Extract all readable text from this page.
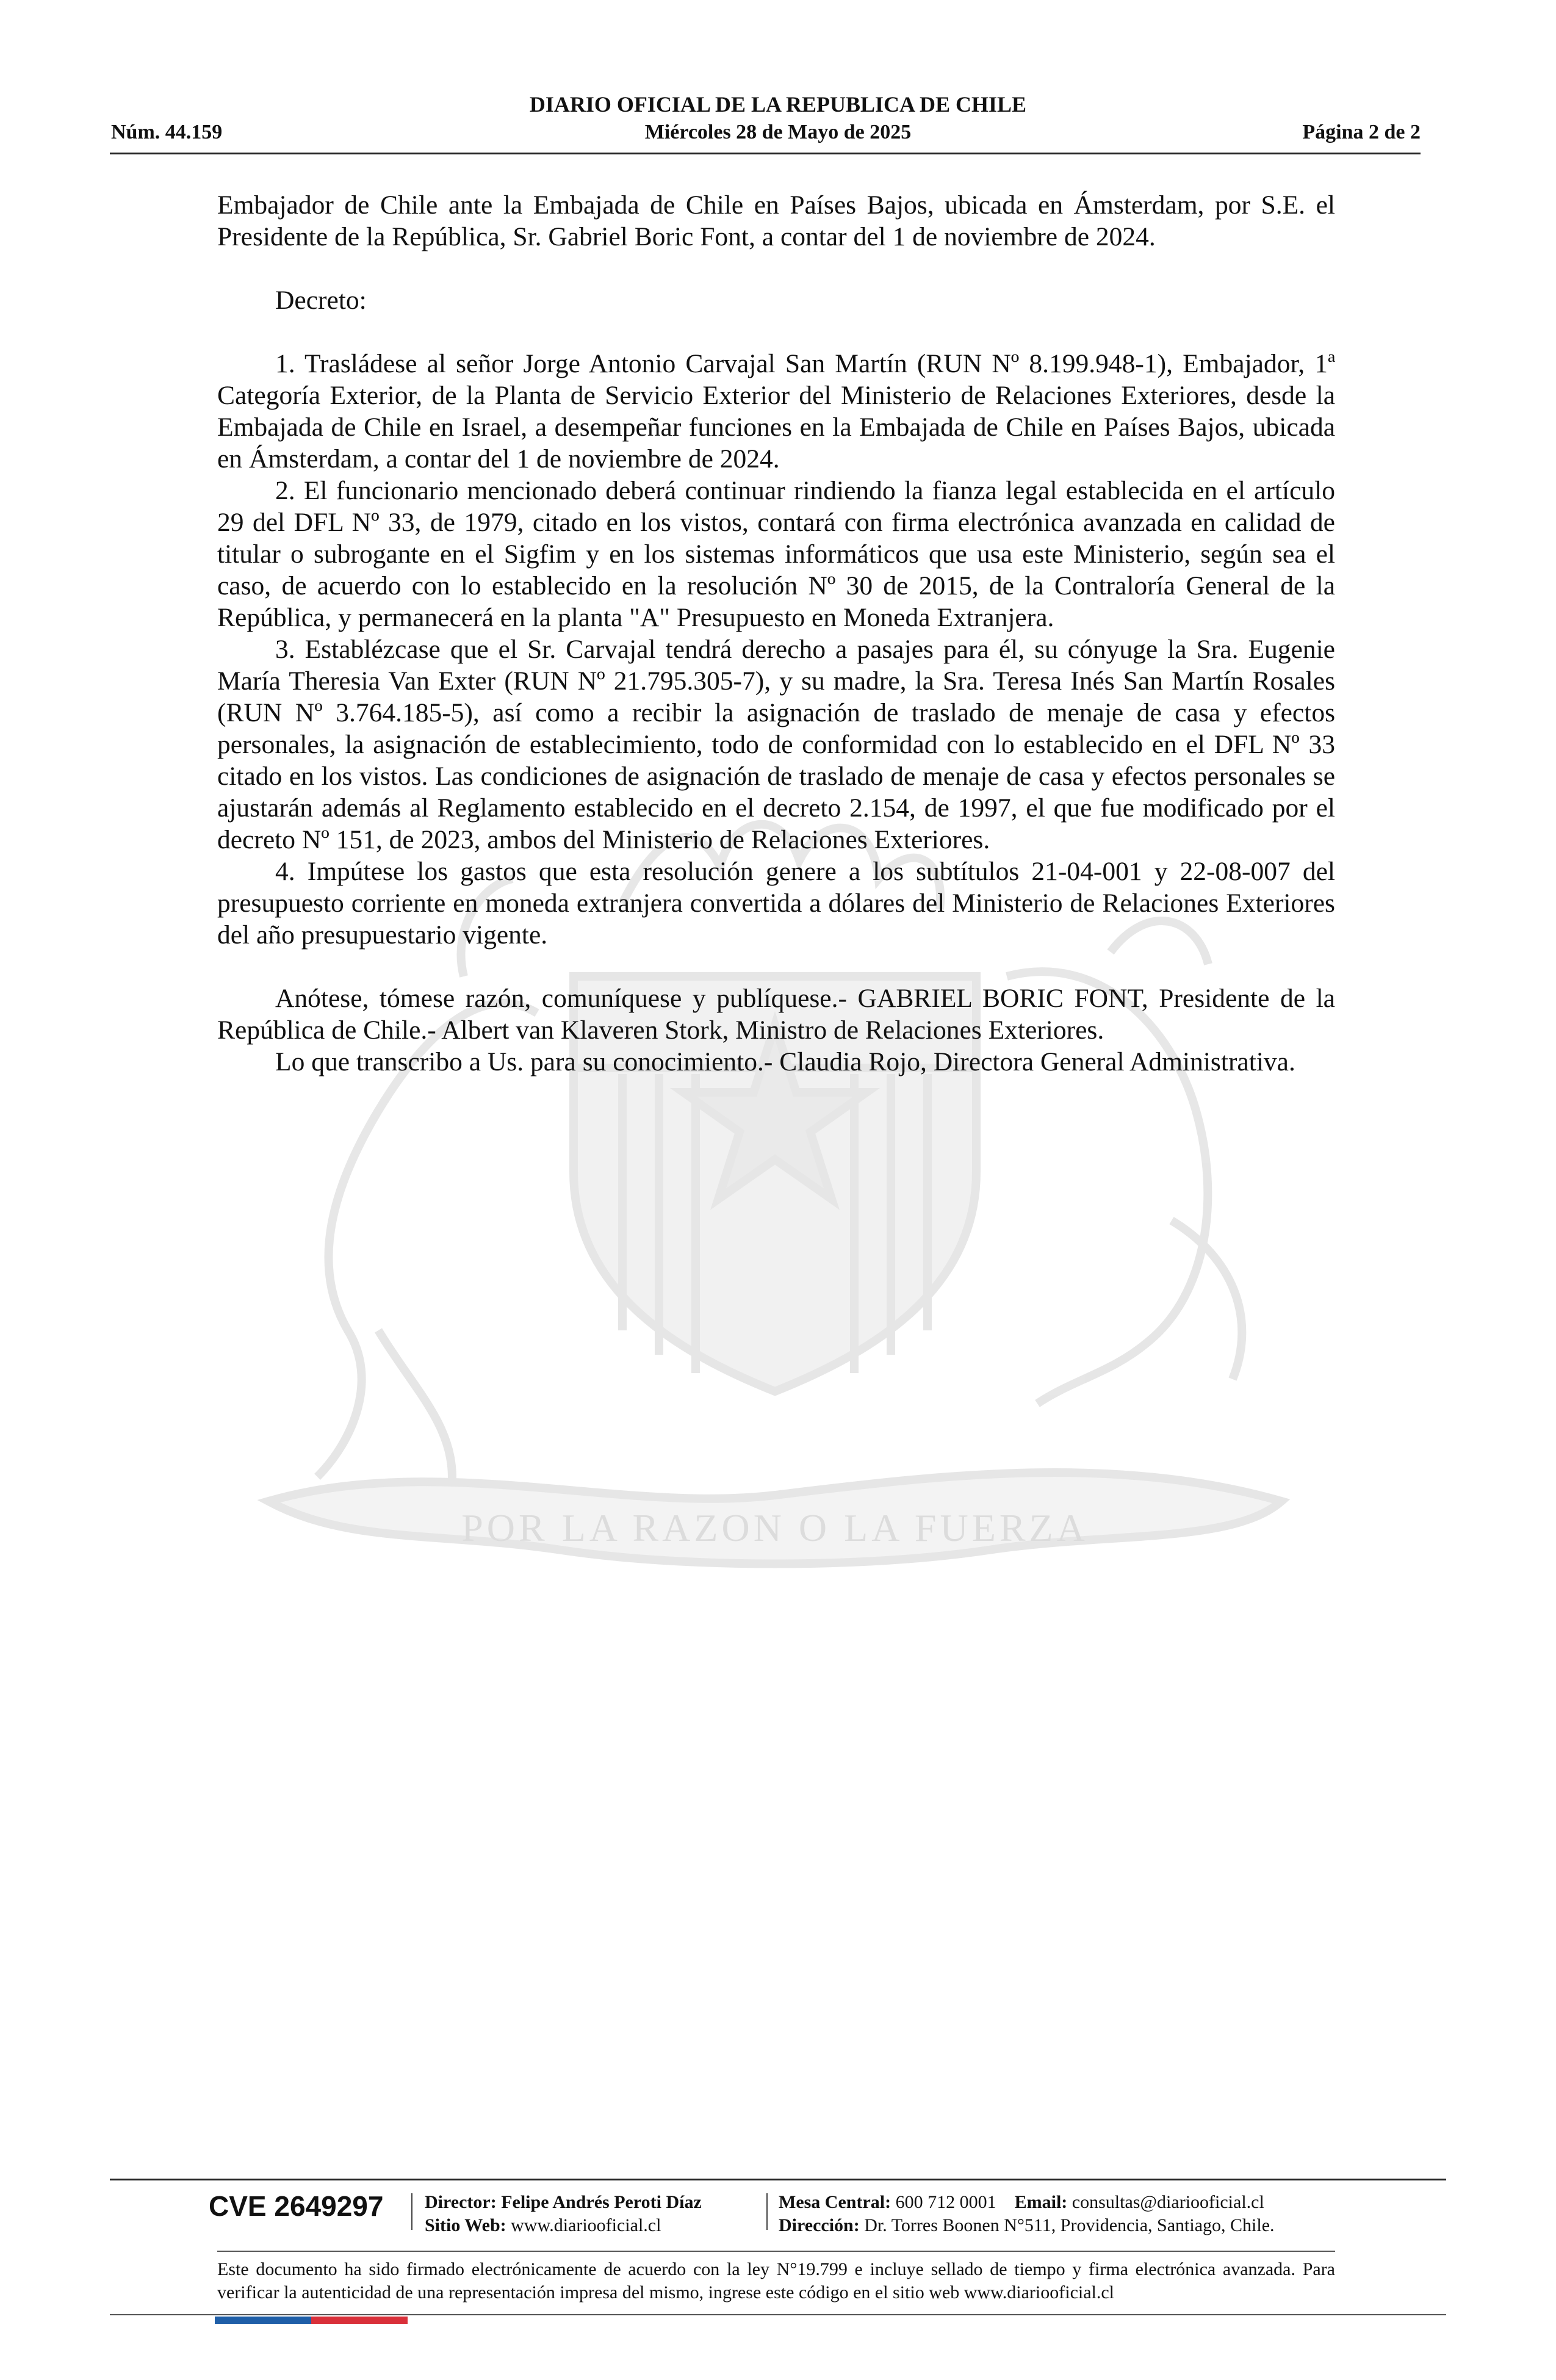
POR LA RAZON O LA FUERZA
DIARIO OFICIAL DE LA REPUBLICA DE CHILE
Núm. 44.159	Miércoles 28 de Mayo de 2025	Página 2 de 2

Embajador de Chile ante la Embajada de Chile en Países Bajos, ubicada en Ámsterdam, por S.E. el Presidente de la República, Sr. Gabriel Boric Font, a contar del 1 de noviembre de 2024.

Decreto:

1. Trasládese al señor Jorge Antonio Carvajal San Martín (RUN Nº 8.199.948-1), Embajador, 1ª Categoría Exterior, de la Planta de Servicio Exterior del Ministerio de Relaciones Exteriores, desde la Embajada de Chile en Israel, a desempeñar funciones en la Embajada de Chile en Países Bajos, ubicada en Ámsterdam, a contar del 1 de noviembre de 2024.

2. El funcionario mencionado deberá continuar rindiendo la fianza legal establecida en el artículo 29 del DFL Nº 33, de 1979, citado en los vistos, contará con firma electrónica avanzada en calidad de titular o subrogante en el Sigfim y en los sistemas informáticos que usa este Ministerio, según sea el caso, de acuerdo con lo establecido en la resolución Nº 30 de 2015, de la Contraloría General de la República, y permanecerá en la planta "A" Presupuesto en Moneda Extranjera.

3. Establézcase que el Sr. Carvajal tendrá derecho a pasajes para él, su cónyuge la Sra. Eugenie María Theresia Van Exter (RUN Nº 21.795.305-7), y su madre, la Sra. Teresa Inés San Martín Rosales (RUN Nº 3.764.185-5), así como a recibir la asignación de traslado de menaje de casa y efectos personales, la asignación de establecimiento, todo de conformidad con lo establecido en el DFL Nº 33 citado en los vistos. Las condiciones de asignación de traslado de menaje de casa y efectos personales se ajustarán además al Reglamento establecido en el decreto 2.154, de 1997, el que fue modificado por el decreto Nº 151, de 2023, ambos del Ministerio de Relaciones Exteriores.

4. Impútese los gastos que esta resolución genere a los subtítulos 21-04-001 y 22-08-007 del presupuesto corriente en moneda extranjera convertida a dólares del Ministerio de Relaciones Exteriores del año presupuestario vigente.

Anótese, tómese razón, comuníquese y publíquese.- GABRIEL BORIC FONT, Presidente de la República de Chile.- Albert van Klaveren Stork, Ministro de Relaciones Exteriores.

Lo que transcribo a Us. para su conocimiento.- Claudia Rojo, Directora General Administrativa.

CVE 2649297 Director: Felipe Andrés Peroti Díaz
Sitio Web: www.diariooficial.cl
Mesa Central: 600 712 0001 Email: consultas@diariooficial.cl
Dirección: Dr. Torres Boonen N°511, Providencia, Santiago, Chile.
Este documento ha sido firmado electrónicamente de acuerdo con la ley N°19.799 e incluye sellado de tiempo y firma electrónica avanzada. Para verificar la autenticidad de una representación impresa del mismo, ingrese este código en el sitio web www.diariooficial.cl
